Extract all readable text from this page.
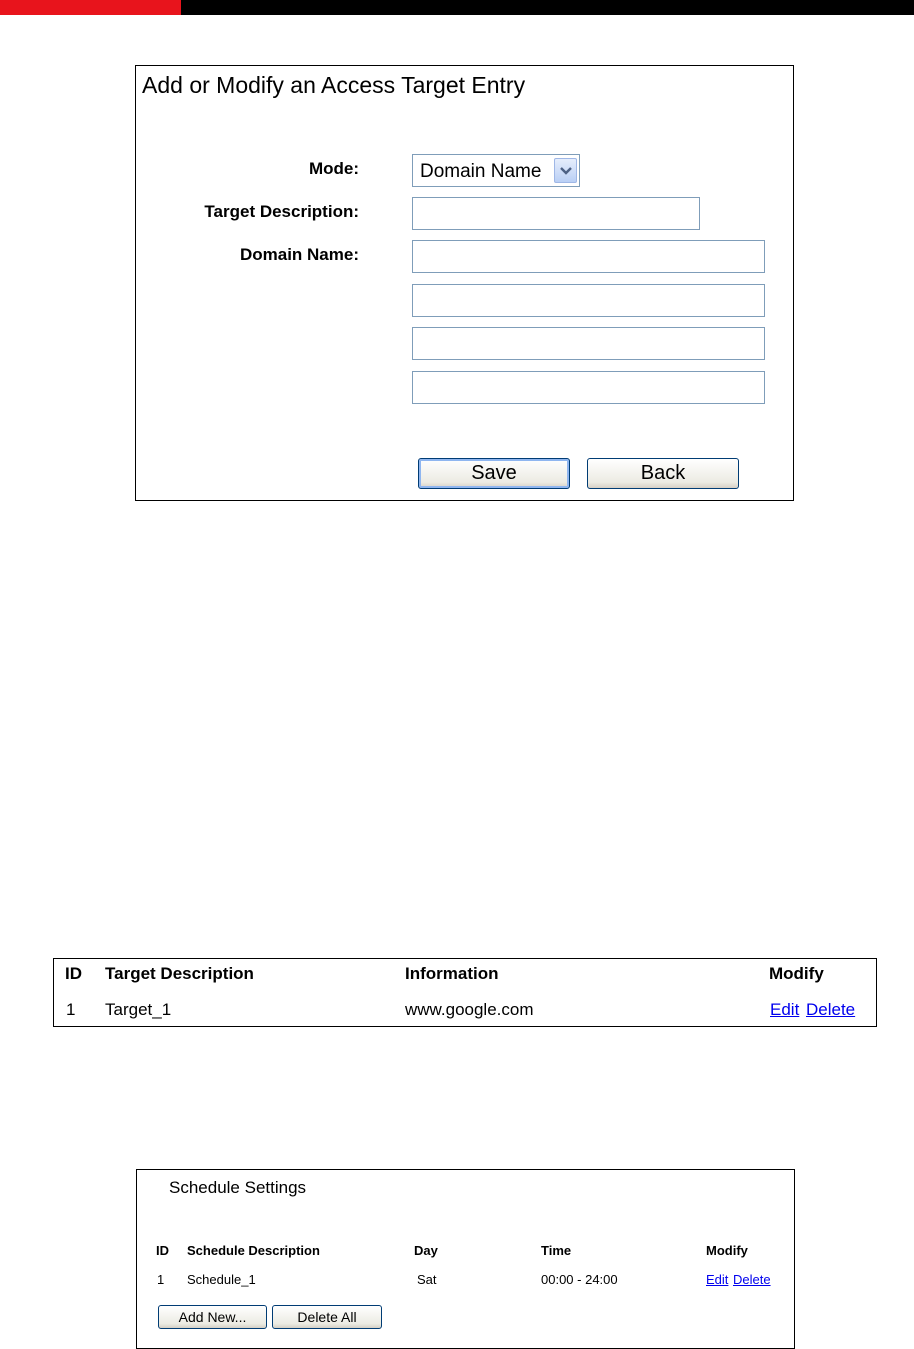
Add or Modify an Access Target Entry
Mode:	Domain Name
Target Description:
Domain Name:
Save	Back
ID Target Description	Information	Modify
1 Target_1	www.google.com	Edit Delete
Schedule Settings
ID Schedule Description	Day	Time	Modify
1 Schedule_1	Sat	00:00 - 24:00	Edit Delete
Add New...	Delete All
